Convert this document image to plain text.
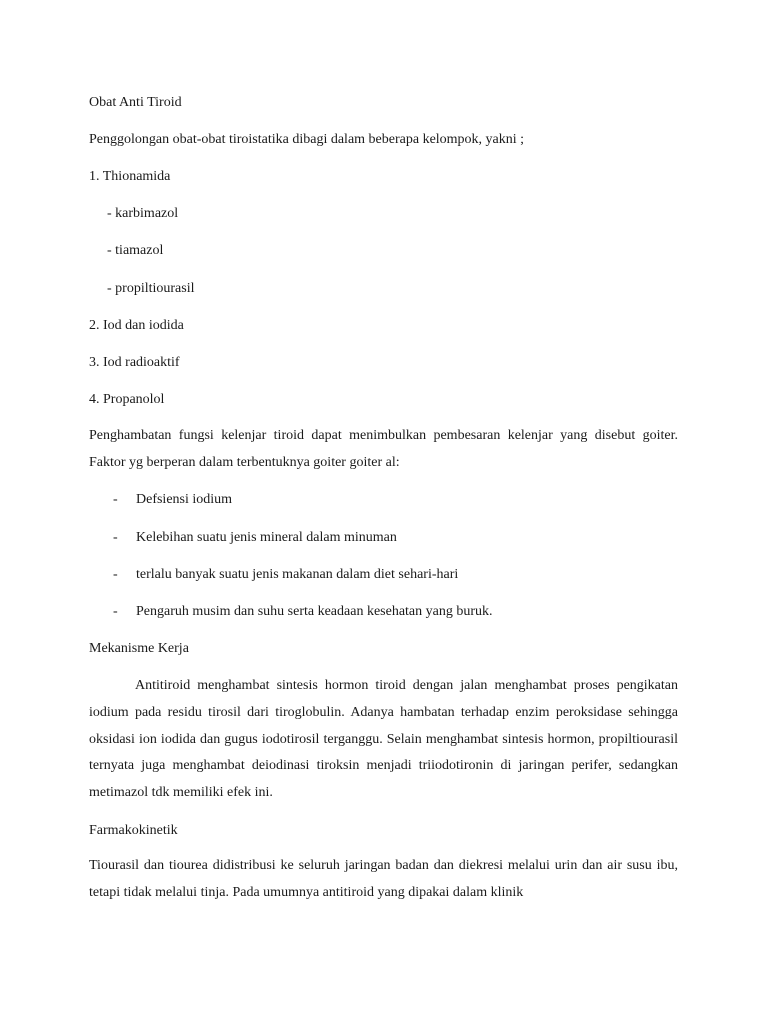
Obat Anti Tiroid
Penggolongan obat-obat tiroistatika dibagi dalam beberapa kelompok, yakni ;
1. Thionamida
- karbimazol
- tiamazol
- propiltiourasil
2. Iod dan iodida
3. Iod radioaktif
4. Propanolol
Penghambatan fungsi kelenjar tiroid dapat menimbulkan pembesaran kelenjar yang disebut goiter. Faktor yg berperan dalam terbentuknya goiter goiter al:
- Defsiensi iodium
- Kelebihan suatu jenis mineral dalam minuman
- terlalu banyak suatu jenis makanan dalam diet sehari-hari
- Pengaruh musim dan suhu serta keadaan kesehatan yang buruk.
Mekanisme Kerja
Antitiroid menghambat sintesis hormon tiroid dengan jalan menghambat proses pengikatan iodium pada residu tirosil dari tiroglobulin. Adanya hambatan terhadap enzim peroksidase sehingga oksidasi ion iodida dan gugus iodotirosil terganggu. Selain menghambat sintesis hormon, propiltiourasil ternyata juga menghambat deiodinasi tiroksin menjadi triiodotironin di jaringan perifer, sedangkan metimazol tdk memiliki efek ini.
Farmakokinetik
Tiourasil dan tiourea didistribusi ke seluruh jaringan badan dan diekresi melalui urin dan air susu ibu, tetapi tidak melalui tinja. Pada umumnya antitiroid yang dipakai dalam klinik
